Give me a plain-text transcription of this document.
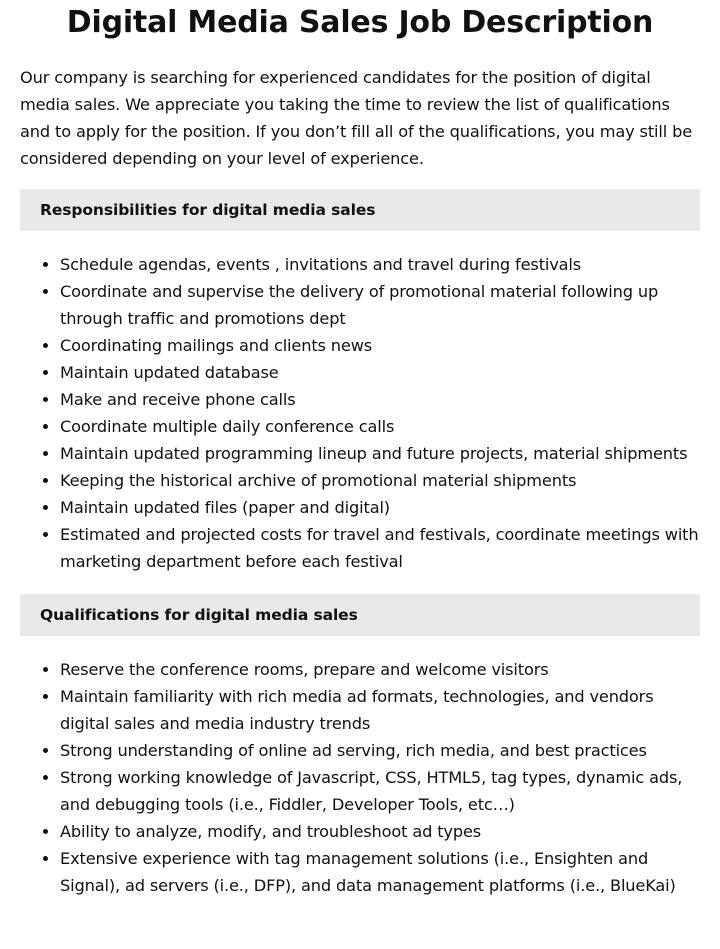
Digital Media Sales Job Description

Our company is searching for experienced candidates for the position of digital media sales. We appreciate you taking the time to review the list of qualifications and to apply for the position. If you don’t fill all of the qualifications, you may still be considered depending on your level of experience.

Responsibilities for digital media sales
• Schedule agendas, events , invitations and travel during festivals
• Coordinate and supervise the delivery of promotional material following up through traffic and promotions dept
• Coordinating mailings and clients news
• Maintain updated database
• Make and receive phone calls
• Coordinate multiple daily conference calls
• Maintain updated programming lineup and future projects, material shipments
• Keeping the historical archive of promotional material shipments
• Maintain updated files (paper and digital)
• Estimated and projected costs for travel and festivals, coordinate meetings with marketing department before each festival
Qualifications for digital media sales
• Reserve the conference rooms, prepare and welcome visitors
• Maintain familiarity with rich media ad formats, technologies, and vendors digital sales and media industry trends
• Strong understanding of online ad serving, rich media, and best practices
• Strong working knowledge of Javascript, CSS, HTML5, tag types, dynamic ads, and debugging tools (i.e., Fiddler, Developer Tools, etc…)
• Ability to analyze, modify, and troubleshoot ad types
• Extensive experience with tag management solutions (i.e., Ensighten and Signal), ad servers (i.e., DFP), and data management platforms (i.e., BlueKai)
